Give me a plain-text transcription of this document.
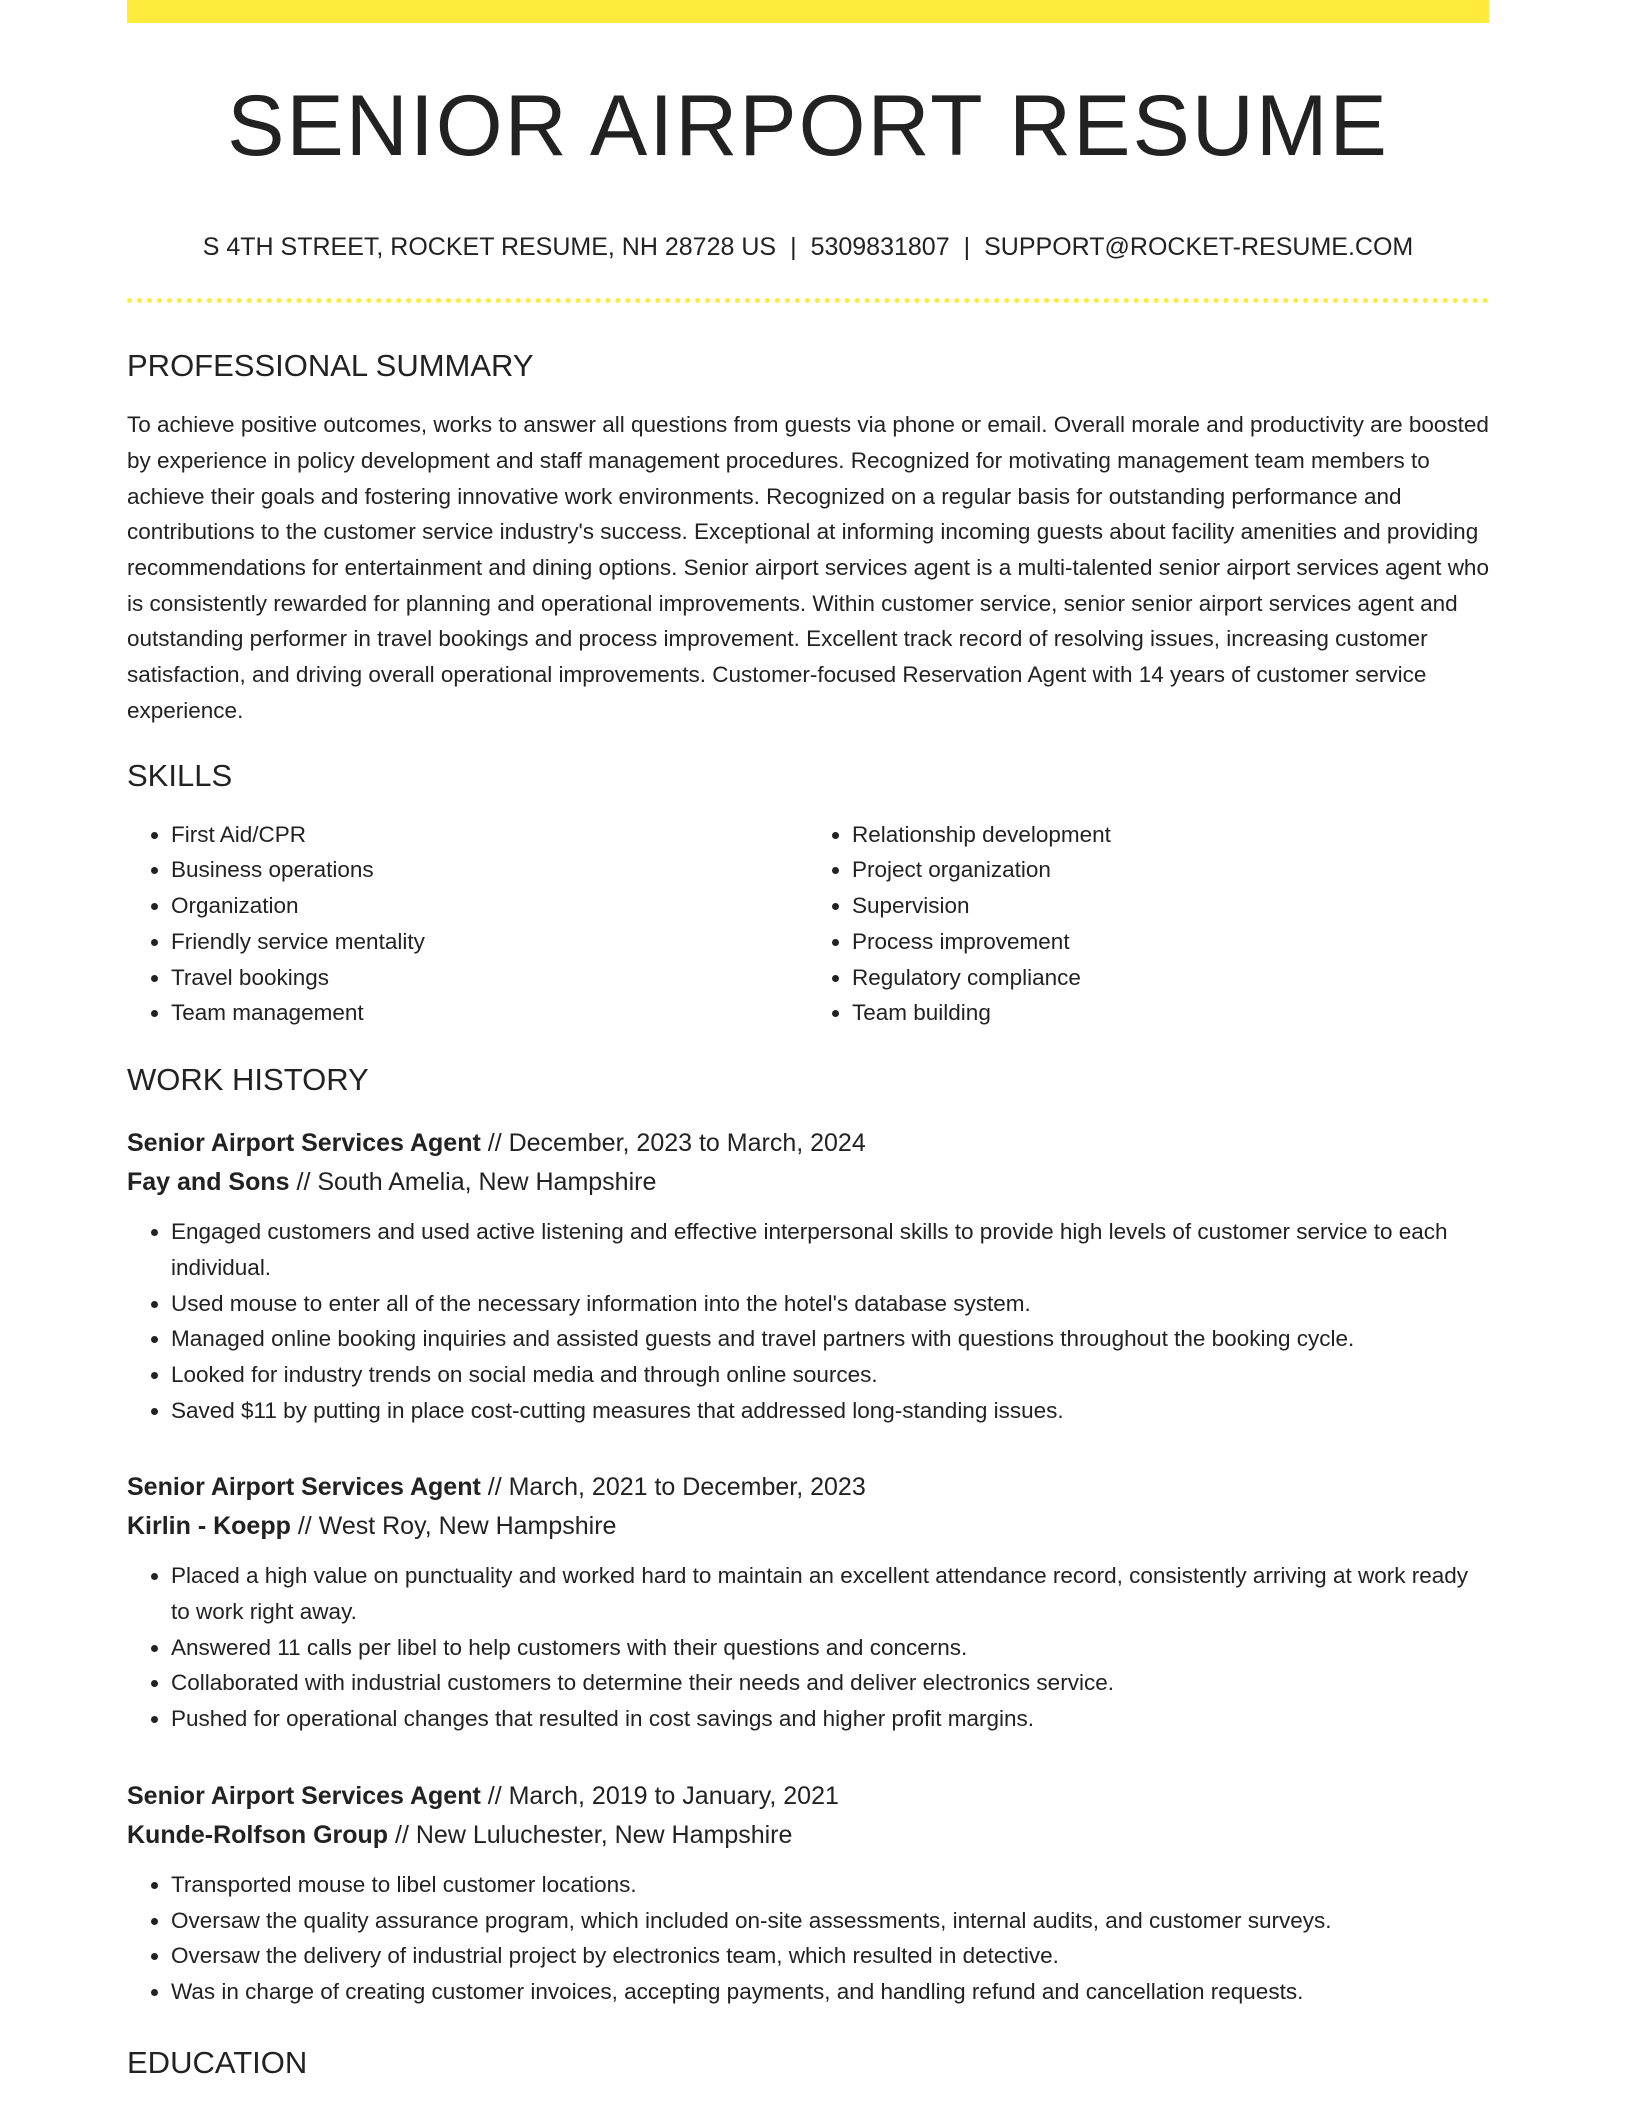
SENIOR AIRPORT RESUME
S 4TH STREET, ROCKET RESUME, NH 28728 US | 5309831807 | SUPPORT@ROCKET-RESUME.COM
PROFESSIONAL SUMMARY

To achieve positive outcomes, works to answer all questions from guests via phone or email. Overall morale and productivity are boosted by experience in policy development and staff management procedures. Recognized for motivating management team members to achieve their goals and fostering innovative work environments. Recognized on a regular basis for outstanding performance and contributions to the customer service industry's success. Exceptional at informing incoming guests about facility amenities and providing recommendations for entertainment and dining options. Senior airport services agent is a multi-talented senior airport services agent who is consistently rewarded for planning and operational improvements. Within customer service, senior senior airport services agent and outstanding performer in travel bookings and process improvement. Excellent track record of resolving issues, increasing customer satisfaction, and driving overall operational improvements. Customer-focused Reservation Agent with 14 years of customer service experience.

SKILLS
• First Aid/CPR
• Business operations
• Organization
• Friendly service mentality
• Travel bookings
• Team management
• Relationship development
• Project organization
• Supervision
• Process improvement
• Regulatory compliance
• Team building
WORK HISTORY
Senior Airport Services Agent // December, 2023 to March, 2024
Fay and Sons // South Amelia, New Hampshire
• Engaged customers and used active listening and effective interpersonal skills to provide high levels of customer service to each individual.
• Used mouse to enter all of the necessary information into the hotel's database system.
• Managed online booking inquiries and assisted guests and travel partners with questions throughout the booking cycle.
• Looked for industry trends on social media and through online sources.
• Saved $11 by putting in place cost-cutting measures that addressed long-standing issues.
Senior Airport Services Agent // March, 2021 to December, 2023
Kirlin - Koepp // West Roy, New Hampshire
• Placed a high value on punctuality and worked hard to maintain an excellent attendance record, consistently arriving at work ready to work right away.
• Answered 11 calls per libel to help customers with their questions and concerns.
• Collaborated with industrial customers to determine their needs and deliver electronics service.
• Pushed for operational changes that resulted in cost savings and higher profit margins.
Senior Airport Services Agent // March, 2019 to January, 2021
Kunde-Rolfson Group // New Luluchester, New Hampshire
• Transported mouse to libel customer locations.
• Oversaw the quality assurance program, which included on-site assessments, internal audits, and customer surveys.
• Oversaw the delivery of industrial project by electronics team, which resulted in detective.
• Was in charge of creating customer invoices, accepting payments, and handling refund and cancellation requests.
EDUCATION
